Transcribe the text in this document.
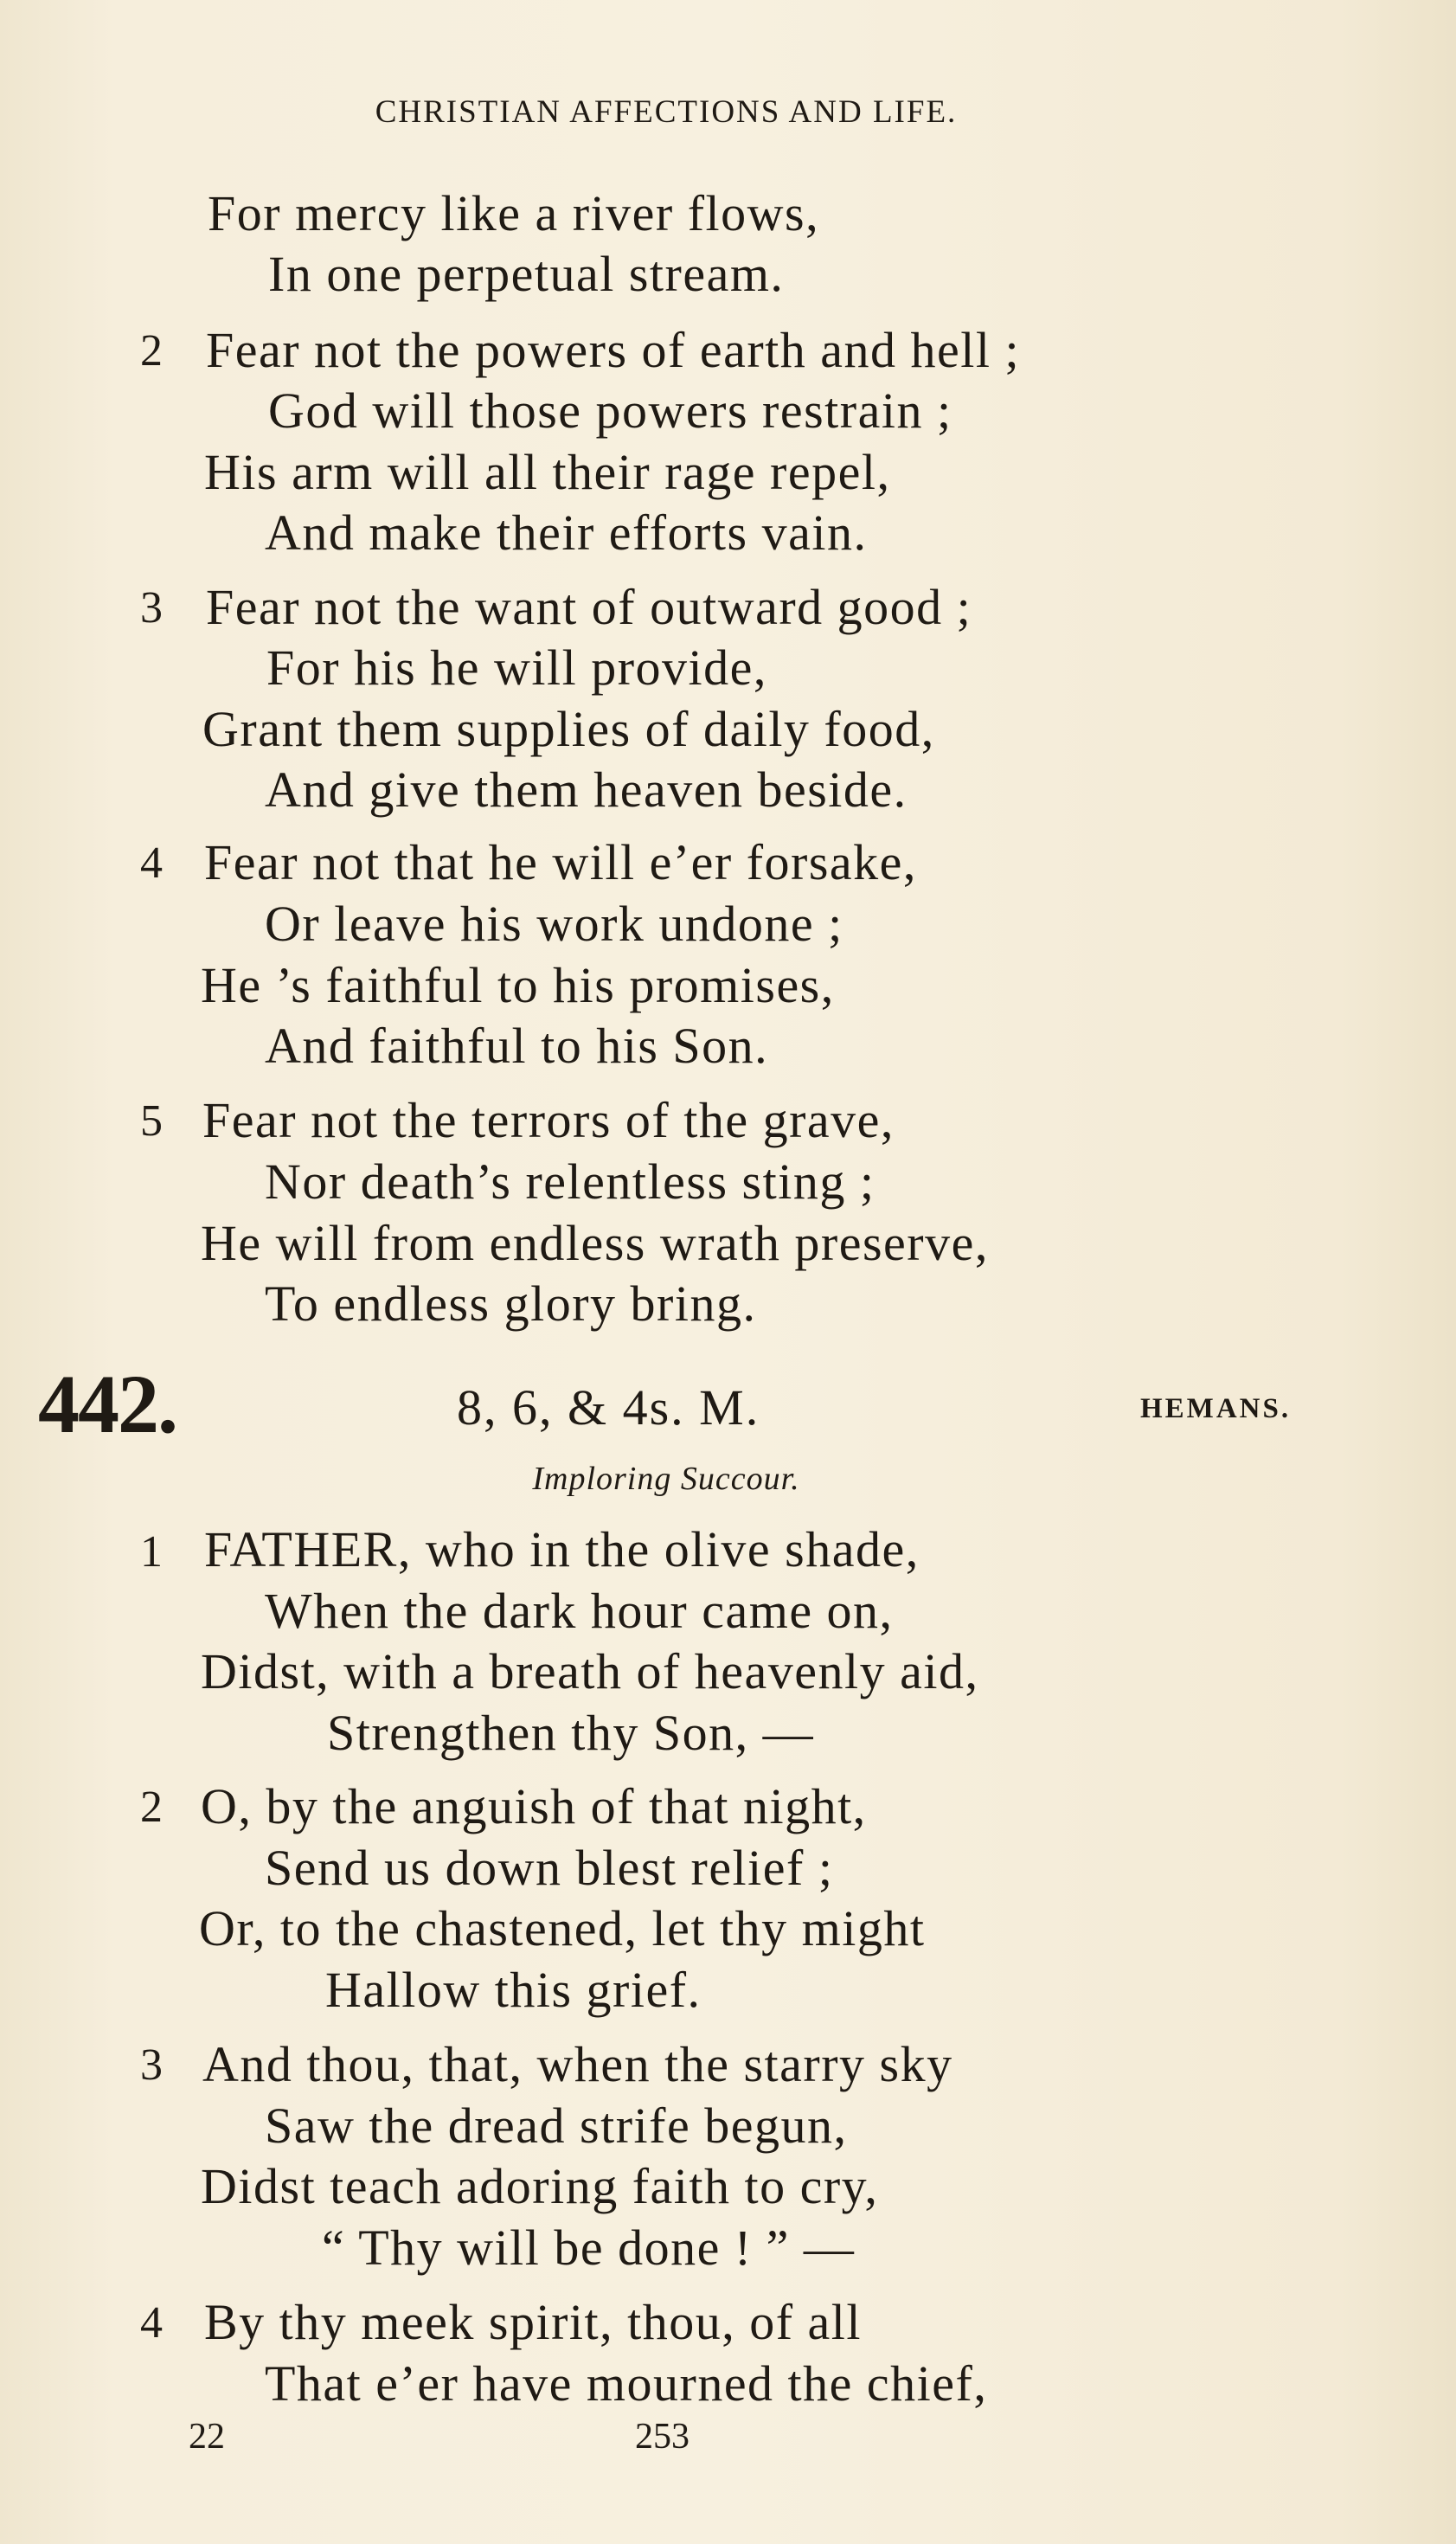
CHRISTIAN AFFECTIONS AND LIFE.
For mercy like a river flows,
In one perpetual stream.
2 Fear not the powers of earth and hell ;
God will those powers restrain ;
His arm will all their rage repel,
And make their efforts vain.
3 Fear not the want of outward good ;
For his he will provide,
Grant them supplies of daily food,
And give them heaven beside.
4 Fear not that he will e’er forsake,
Or leave his work undone ;
He ’s faithful to his promises,
And faithful to his Son.
5 Fear not the terrors of the grave,
Nor death’s relentless sting ;
He will from endless wrath preserve,
To endless glory bring.
442.	8, 6, & 4s. M.	HEMANS.
Imploring Succour.
1 FATHER, who in the olive shade,
When the dark hour came on,
Didst, with a breath of heavenly aid,
Strengthen thy Son, —
2 O, by the anguish of that night,
Send us down blest relief ;
Or, to the chastened, let thy might
Hallow this grief.
3 And thou, that, when the starry sky
Saw the dread strife begun,
Didst teach adoring faith to cry,
“ Thy will be done ! ” —
4 By thy meek spirit, thou, of all
That e’er have mourned the chief,
22	253
